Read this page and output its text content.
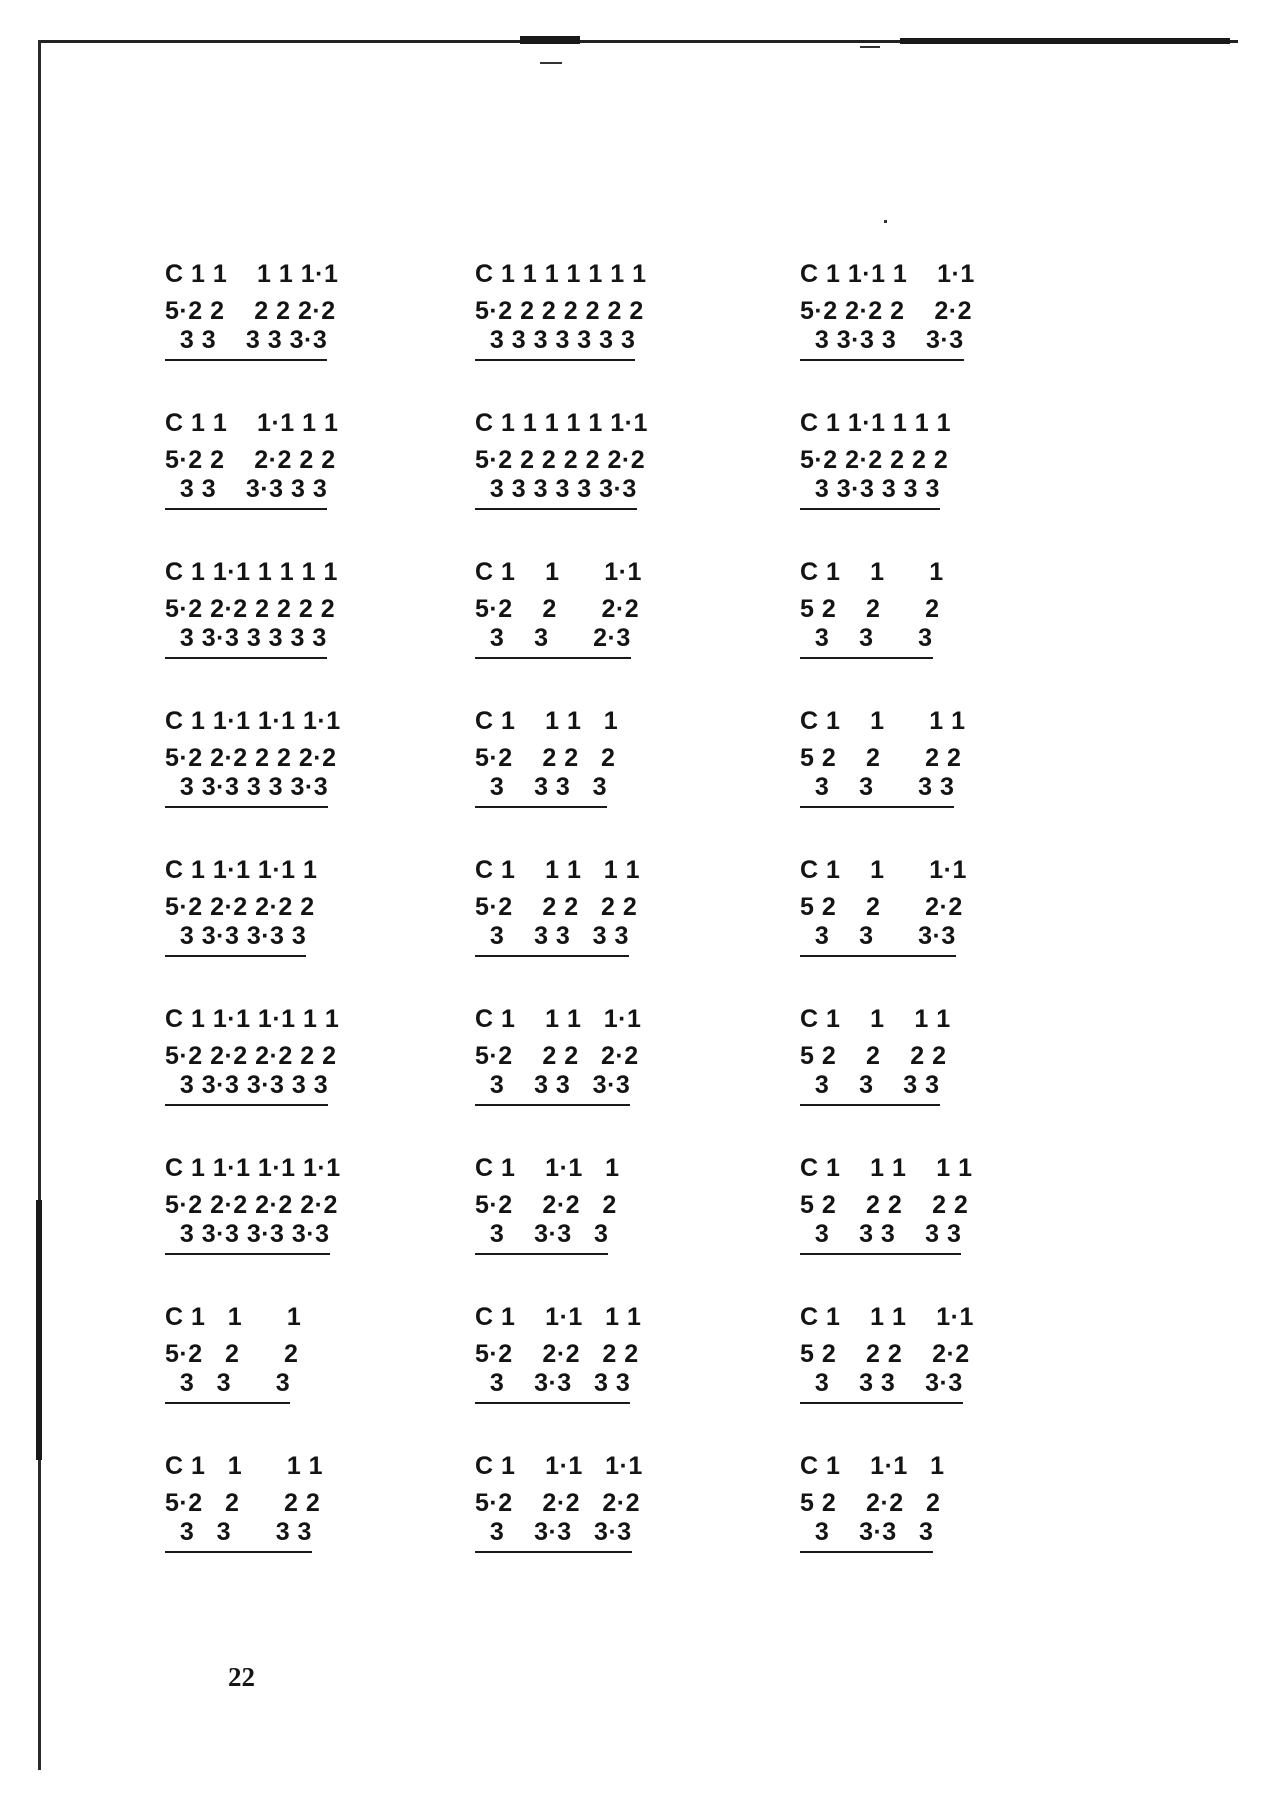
C 1 1    1 1 1·1
5·2 2    2 2 2·2
3 3    3 3 3·3
C 1 1 1 1 1 1 1
5·2 2 2 2 2 2 2
3 3 3 3 3 3 3
C 1 1·1 1    1·1
5·2 2·2 2    2·2
3 3·3 3    3·3
C 1 1    1·1 1 1
5·2 2    2·2 2 2
3 3    3·3 3 3
C 1 1 1 1 1 1·1
5·2 2 2 2 2 2·2
3 3 3 3 3 3·3
C 1 1·1 1 1 1
5·2 2·2 2 2 2
3 3·3 3 3 3
C 1 1·1 1 1 1 1
5·2 2·2 2 2 2 2
3 3·3 3 3 3 3
C 1    1      1·1
5·2    2      2·2
3    3      2·3
C 1    1      1
5 2    2      2
3    3      3
C 1 1·1 1·1 1·1
5·2 2·2 2 2 2·2
3 3·3 3 3 3·3
C 1    1 1   1
5·2    2 2   2
3    3 3   3
C 1    1      1 1
5 2    2      2 2
3    3      3 3
C 1 1·1 1·1 1
5·2 2·2 2·2 2
3 3·3 3·3 3
C 1    1 1   1 1
5·2    2 2   2 2
3    3 3   3 3
C 1    1      1·1
5 2    2      2·2
3    3      3·3
C 1 1·1 1·1 1 1
5·2 2·2 2·2 2 2
3 3·3 3·3 3 3
C 1    1 1   1·1
5·2    2 2   2·2
3    3 3   3·3
C 1    1    1 1
5 2    2    2 2
3    3    3 3
C 1 1·1 1·1 1·1
5·2 2·2 2·2 2·2
3 3·3 3·3 3·3
C 1    1·1   1
5·2    2·2   2
3    3·3   3
C 1    1 1    1 1
5 2    2 2    2 2
3    3 3    3 3
C 1   1      1
5·2   2      2
3   3      3
C 1    1·1   1 1
5·2    2·2   2 2
3    3·3   3 3
C 1    1 1    1·1
5 2    2 2    2·2
3    3 3    3·3
C 1   1      1 1
5·2   2      2 2
3   3      3 3
C 1    1·1   1·1
5·2    2·2   2·2
3    3·3   3·3
C 1    1·1   1
5 2    2·2   2
3    3·3   3
22
